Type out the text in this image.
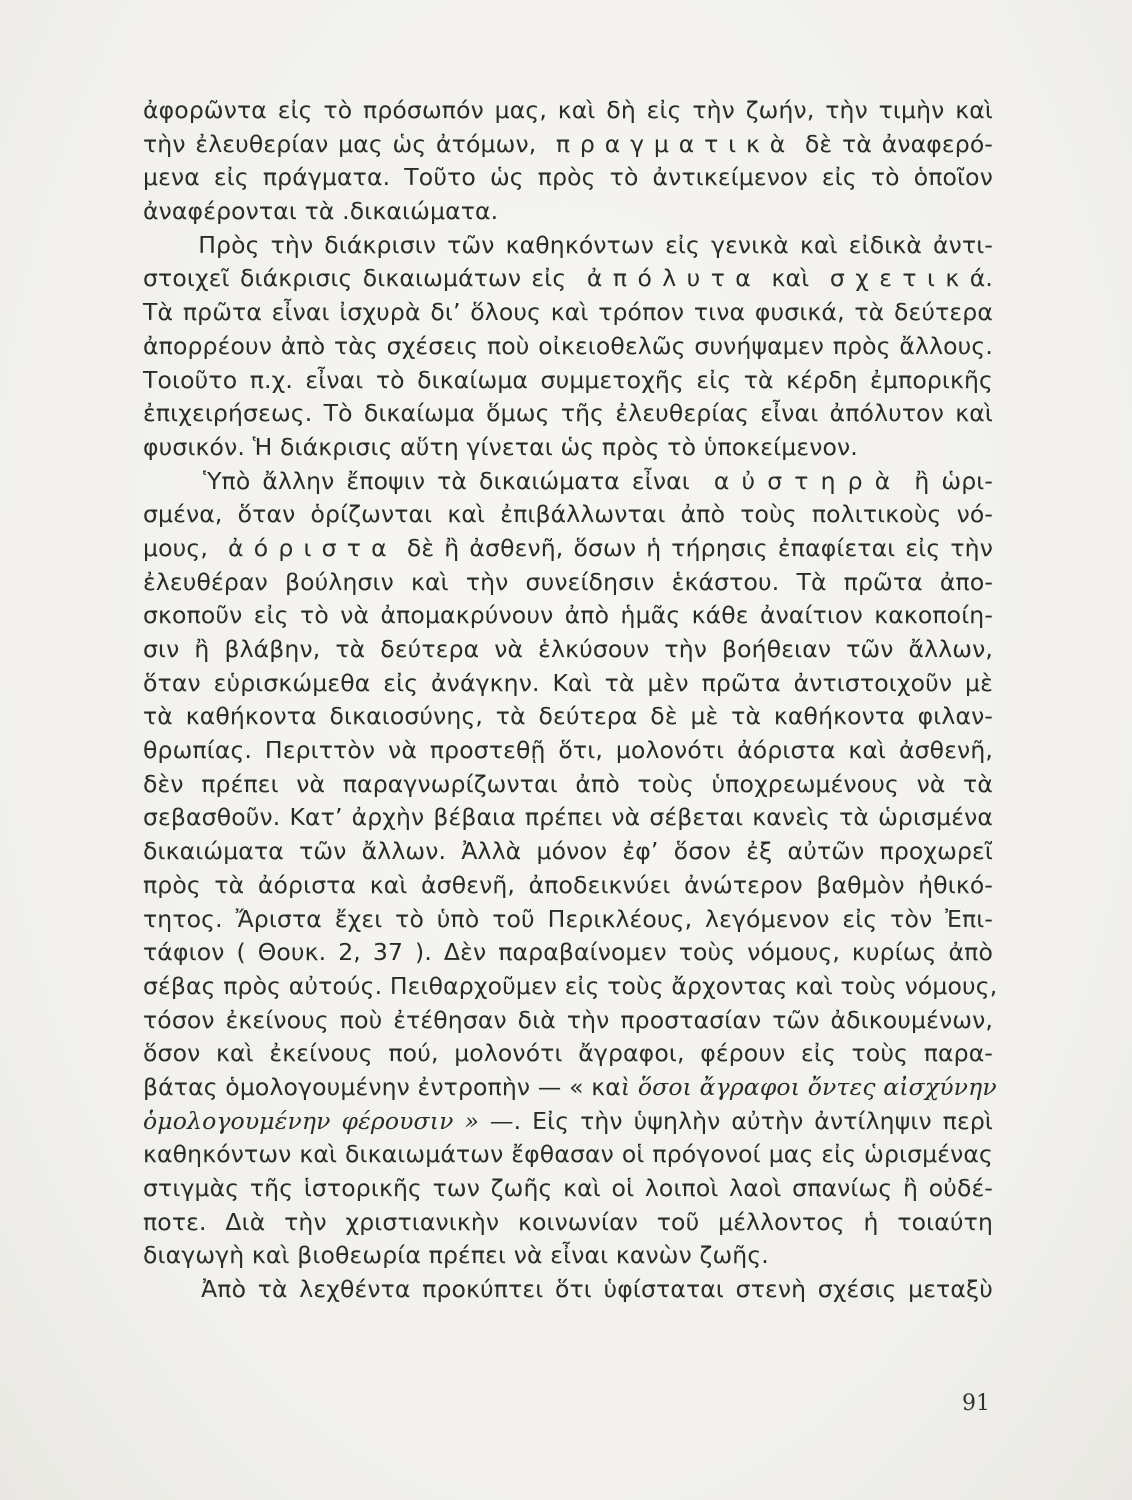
ἀφορῶντα εἰς τὸ πρόσωπόν μας, καὶ δὴ εἰς τὴν ζωήν, τὴν τιμὴν καὶ
τὴν ἐλευθερίαν μας ὡς ἀτόμων,  π ρ α γ μ α τ ι κ ὰ  δὲ τὰ ἀναφερό-
μενα εἰς πράγματα. Τοῦτο ὡς πρὸς τὸ ἀντικείμενον εἰς τὸ ὁποῖον
ἀναφέρονται τὰ .δικαιώματα.
Πρὸς τὴν διάκρισιν τῶν καθηκόντων εἰς γενικὰ καὶ εἰδικὰ ἀντι-
στοιχεῖ διάκρισις δικαιωμάτων εἰς  ἀ π ό λ υ τ α  καὶ  σ χ ε τ ι κ ά.
Τὰ πρῶτα εἶναι ἰσχυρὰ δι’ ὅλους καὶ τρόπον τινα φυσικά, τὰ δεύτερα
ἀπορρέουν ἀπὸ τὰς σχέσεις ποὺ οἰκειοθελῶς συνήψαμεν πρὸς ἄλλους.
Τοιοῦτο π.χ. εἶναι τὸ δικαίωμα συμμετοχῆς εἰς τὰ κέρδη ἐμπορικῆς
ἐπιχειρήσεως. Τὸ δικαίωμα ὅμως τῆς ἐλευθερίας εἶναι ἀπόλυτον καὶ
φυσικόν. Ἡ διάκρισις αὕτη γίνεται ὡς πρὸς τὸ ὑποκείμενον.
Ὑπὸ ἄλλην ἔποψιν τὰ δικαιώματα εἶναι  α ὐ σ τ η ρ ὰ  ἢ ὡρι-
σμένα, ὅταν ὁρίζωνται καὶ ἐπιβάλλωνται ἀπὸ τοὺς πολιτικοὺς νό-
μους,  ἀ ό ρ ι σ τ α  δὲ ἢ ἀσθενῆ, ὅσων ἡ τήρησις ἐπαφίεται εἰς τὴν
ἐλευθέραν βούλησιν καὶ τὴν συνείδησιν ἑκάστου. Τὰ πρῶτα ἀπο-
σκοποῦν εἰς τὸ νὰ ἀπομακρύνουν ἀπὸ ἡμᾶς κάθε ἀναίτιον κακοποίη-
σιν ἢ βλάβην, τὰ δεύτερα νὰ ἑλκύσουν τὴν βοήθειαν τῶν ἄλλων,
ὅταν εὑρισκώμεθα εἰς ἀνάγκην. Καὶ τὰ μὲν πρῶτα ἀντιστοιχοῦν μὲ
τὰ καθήκοντα δικαιοσύνης, τὰ δεύτερα δὲ μὲ τὰ καθήκοντα φιλαν-
θρωπίας. Περιττὸν νὰ προστεθῇ ὅτι, μολονότι ἀόριστα καὶ ἀσθενῆ,
δὲν πρέπει νὰ παραγνωρίζωνται ἀπὸ τοὺς ὑποχρεωμένους νὰ τὰ
σεβασθοῦν. Κατ’ ἀρχὴν βέβαια πρέπει νὰ σέβεται κανεὶς τὰ ὡρισμένα
δικαιώματα τῶν ἄλλων. Ἀλλὰ μόνον ἐφ’ ὅσον ἐξ αὐτῶν προχωρεῖ
πρὸς τὰ ἀόριστα καὶ ἀσθενῆ, ἀποδεικνύει ἀνώτερον βαθμὸν ἠθικό-
τητος. Ἄριστα ἔχει τὸ ὑπὸ τοῦ Περικλέους, λεγόμενον εἰς τὸν Ἐπι-
τάφιον ( Θουκ. 2, 37 ). Δὲν παραβαίνομεν τοὺς νόμους, κυρίως ἀπὸ
σέβας πρὸς αὐτούς. Πειθαρχοῦμεν εἰς τοὺς ἄρχοντας καὶ τοὺς νόμους,
τόσον ἐκείνους ποὺ ἐτέθησαν διὰ τὴν προστασίαν τῶν ἀδικουμένων,
ὅσον καὶ ἐκείνους πού, μολονότι ἄγραφοι, φέρουν εἰς τοὺς παρα-
βάτας ὁμολογουμένην ἐντροπὴν — « καὶ ὅσοι ἄγραφοι ὄντες αἰσχύνην
ὁμολογουμένην φέρουσιν » —. Εἰς τὴν ὑψηλὴν αὐτὴν ἀντίληψιν περὶ
καθηκόντων καὶ δικαιωμάτων ἔφθασαν οἱ πρόγονοί μας εἰς ὡρισμένας
στιγμὰς τῆς ἱστορικῆς των ζωῆς καὶ οἱ λοιποὶ λαοὶ σπανίως ἢ οὐδέ-
ποτε. Διὰ τὴν χριστιανικὴν κοινωνίαν τοῦ μέλλοντος ἡ τοιαύτη
διαγωγὴ καὶ βιοθεωρία πρέπει νὰ εἶναι κανὼν ζωῆς.
Ἀπὸ τὰ λεχθέντα προκύπτει ὅτι ὑφίσταται στενὴ σχέσις μεταξὺ
91
